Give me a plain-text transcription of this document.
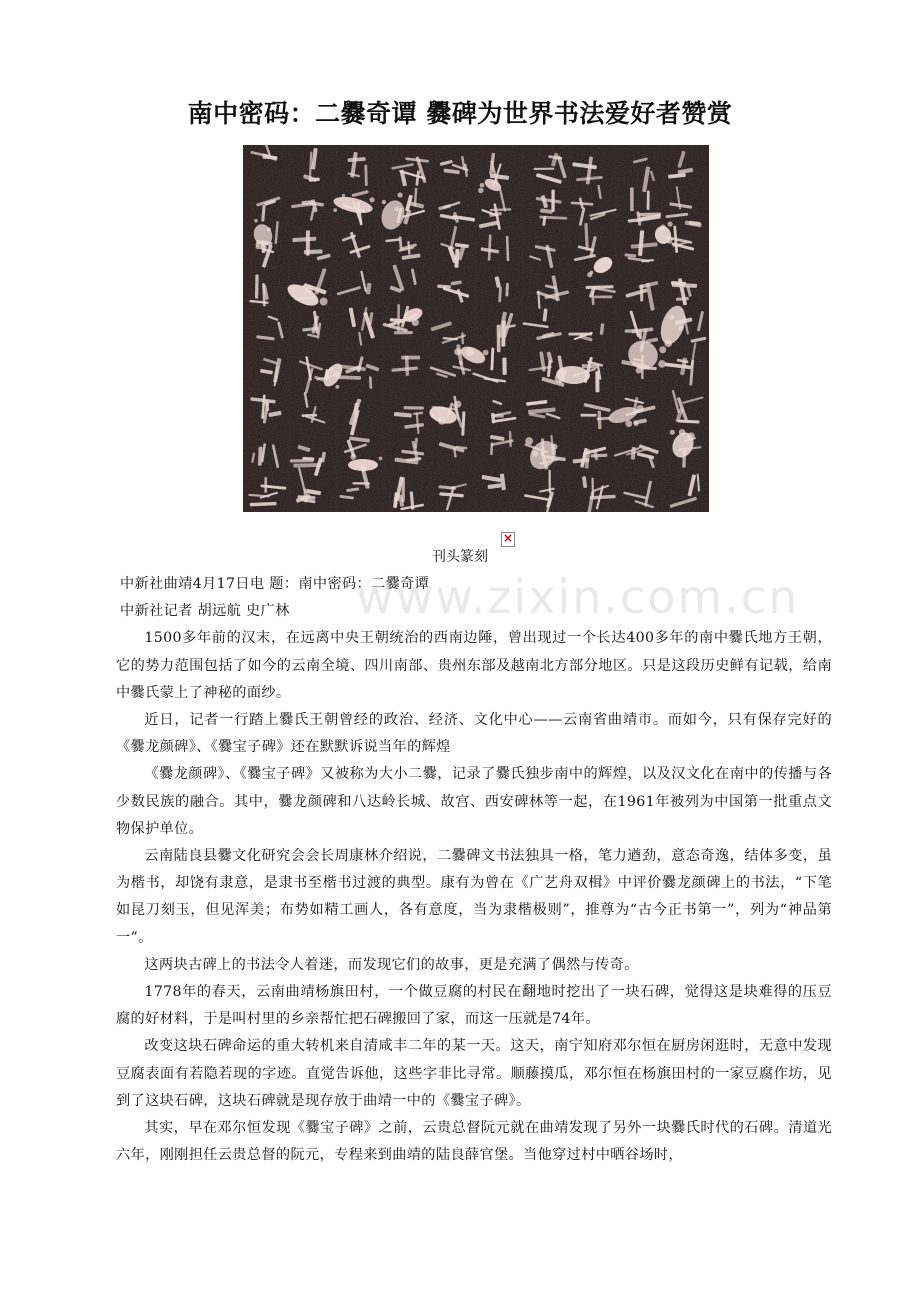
南中密码：二爨奇谭 爨碑为世界书法爱好者赞赏
×
刊头篆刻
www.zixin.com.cn

中新社曲靖4月17日电 题：南中密码：二爨奇谭

中新社记者 胡远航 史广林

1500多年前的汉末，在远离中央王朝统治的西南边陲，曾出现过一个长达400多年的南中爨氏地方王朝，它的势力范围包括了如今的云南全境、四川南部、贵州东部及越南北方部分地区。只是这段历史鲜有记载，给南中爨氏蒙上了神秘的面纱。

近日，记者一行踏上爨氏王朝曾经的政治、经济、文化中心——云南省曲靖市。而如今，只有保存完好的《爨龙颜碑》、《爨宝子碑》还在默默诉说当年的辉煌

《爨龙颜碑》、《爨宝子碑》又被称为大小二爨，记录了爨氏独步南中的辉煌，以及汉文化在南中的传播与各少数民族的融合。其中，爨龙颜碑和八达岭长城、故宫、西安碑林等一起，在1961年被列为中国第一批重点文物保护单位。

云南陆良县爨文化研究会会长周康林介绍说，二爨碑文书法独具一格，笔力遒劲，意态奇逸，结体多变，虽为楷书，却饶有隶意，是隶书至楷书过渡的典型。康有为曾在《广艺舟双楫》中评价爨龙颜碑上的书法，“下笔如昆刀刻玉，但见浑美；布势如精工画人，各有意度，当为隶楷极则”，推尊为“古今正书第一”，列为“神品第一”。

这两块古碑上的书法令人着迷，而发现它们的故事，更是充满了偶然与传奇。

1778年的春天，云南曲靖杨旗田村，一个做豆腐的村民在翻地时挖出了一块石碑，觉得这是块难得的压豆腐的好材料，于是叫村里的乡亲帮忙把石碑搬回了家，而这一压就是74年。

改变这块石碑命运的重大转机来自清咸丰二年的某一天。这天，南宁知府邓尔恒在厨房闲逛时，无意中发现豆腐表面有若隐若现的字迹。直觉告诉他，这些字非比寻常。顺藤摸瓜，邓尔恒在杨旗田村的一家豆腐作坊，见到了这块石碑，这块石碑就是现存放于曲靖一中的《爨宝子碑》。

其实，早在邓尔恒发现《爨宝子碑》之前，云贵总督阮元就在曲靖发现了另外一块爨氏时代的石碑。清道光六年，刚刚担任云贵总督的阮元，专程来到曲靖的陆良薛官堡。当他穿过村中晒谷场时，
